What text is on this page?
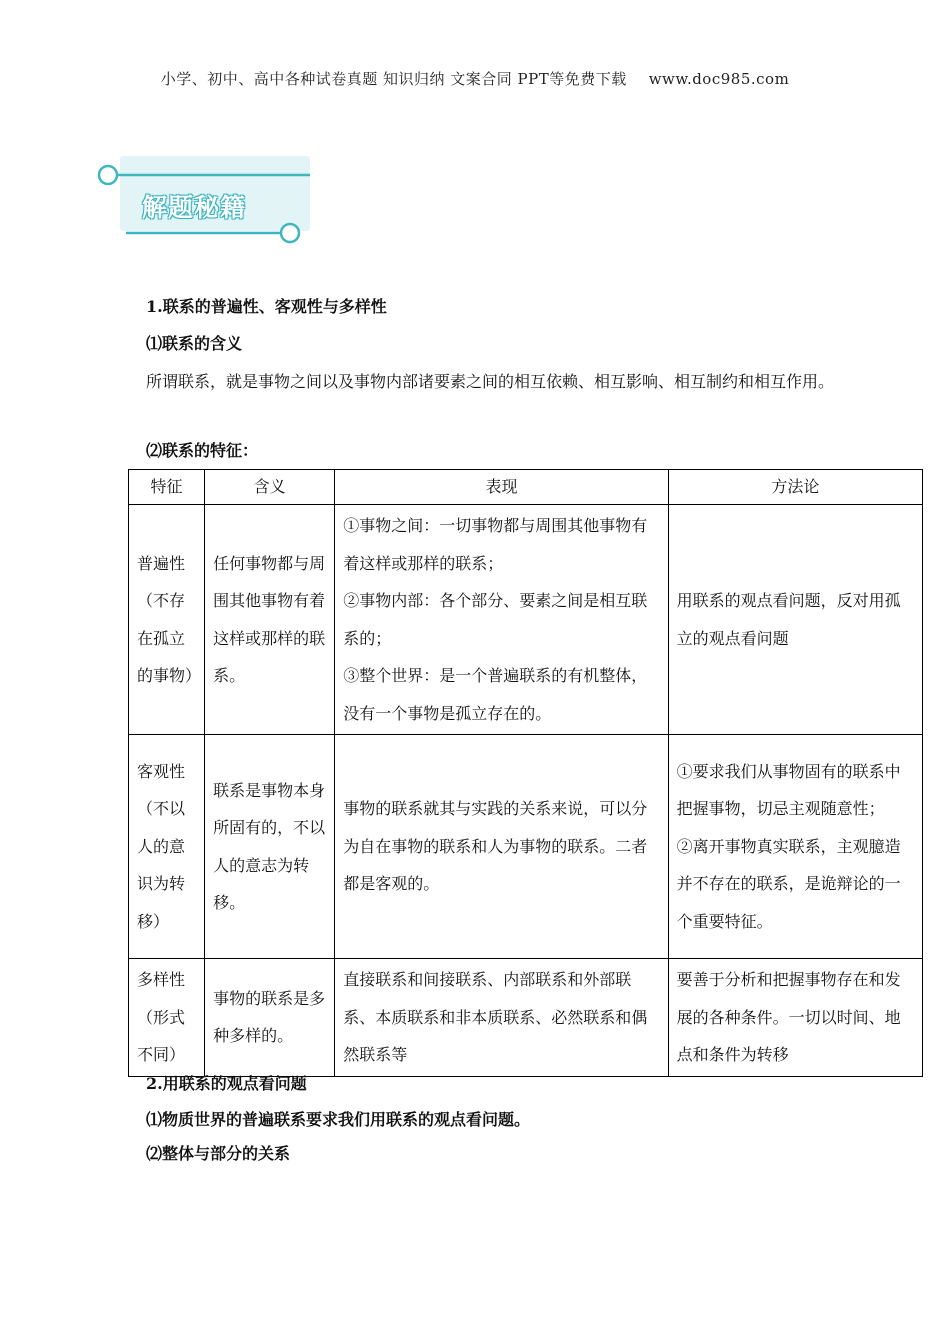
小学、初中、高中各种试卷真题 知识归纳 文案合同 PPT等免费下载 www.doc985.com
解题秘籍
1.联系的普遍性、客观性与多样性
⑴联系的含义
所谓联系，就是事物之间以及事物内部诸要素之间的相互依赖、相互影响、相互制约和相互作用。
⑵联系的特征：
特征	含义	表现	方法论
普遍性（不存在孤立的事物）	任何事物都与周围其他事物有着这样或那样的联系。	①事物之间：一切事物都与周围其他事物有着这样或那样的联系；
②事物内部：各个部分、要素之间是相互联系的；
③整个世界：是一个普遍联系的有机整体，没有一个事物是孤立存在的。	用联系的观点看问题，反对用孤立的观点看问题

客观性（不以人的意识为转移）	联系是事物本身所固有的，不以人的意志为转移。	事物的联系就其与实践的关系来说，可以分为自在事物的联系和人为事物的联系。二者都是客观的。	①要求我们从事物固有的联系中把握事物，切忌主观随意性；
②离开事物真实联系，主观臆造并不存在的联系，是诡辩论的一个重要特征。

多样性（形式不同）	事物的联系是多种多样的。	直接联系和间接联系、内部联系和外部联系、本质联系和非本质联系、必然联系和偶然联系等	要善于分析和把握事物存在和发展的各种条件。一切以时间、地点和条件为转移
2.用联系的观点看问题
⑴物质世界的普遍联系要求我们用联系的观点看问题。
⑵整体与部分的关系
